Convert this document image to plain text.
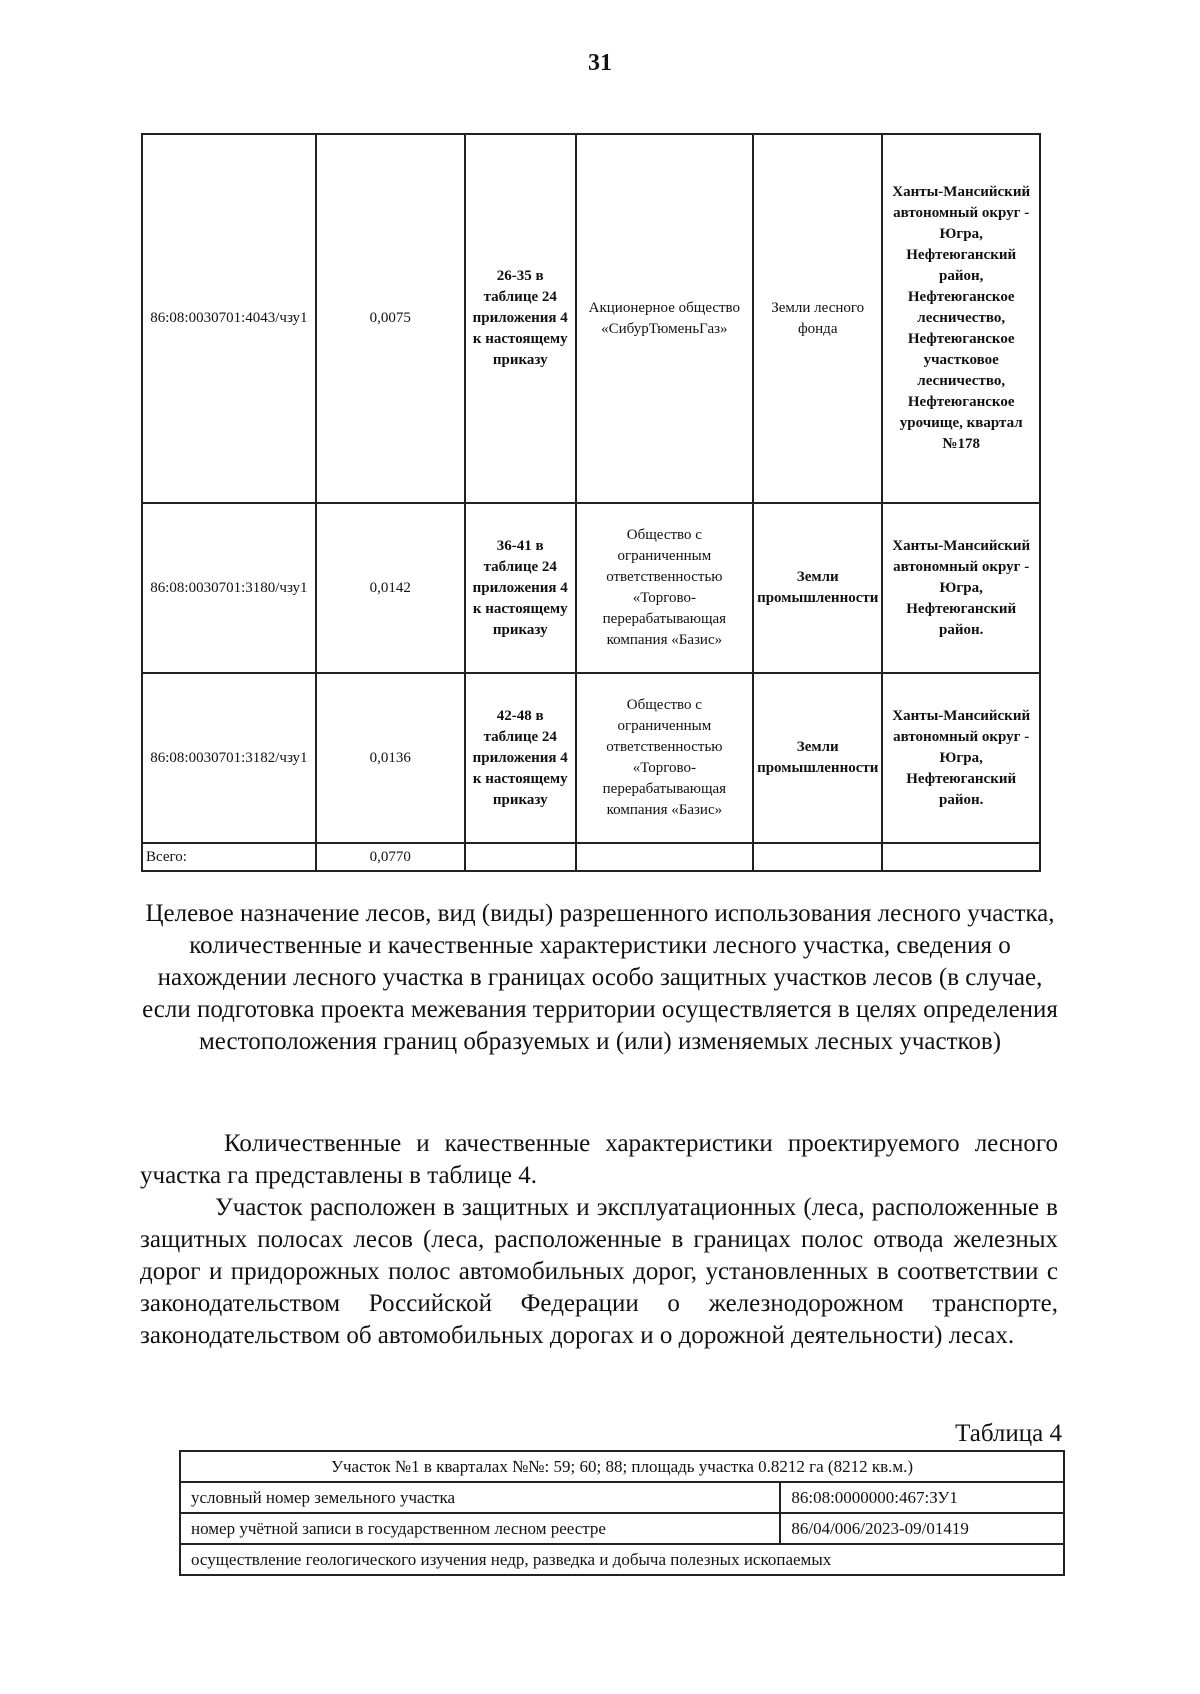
31
86:08:0030701:4043/чзу1	0,0075	26-35 в таблице 24 приложения 4 к настоящему приказу	Акционерное общество «СибурТюменьГаз»	Земли лесного фонда	Ханты-Мансийский автономный округ - Югра, Нефтеюганский район, Нефтеюганское лесничество, Нефтеюганское участковое лесничество, Нефтеюганское урочище, квартал №178
86:08:0030701:3180/чзу1	0,0142	36-41 в таблице 24 приложения 4 к настоящему приказу	Общество с ограниченным ответственностью «Торгово-перерабатывающая компания «Базис»	Земли промышленности	Ханты-Мансийский автономный округ - Югра, Нефтеюганский район.
86:08:0030701:3182/чзу1	0,0136	42-48 в таблице 24 приложения 4 к настоящему приказу	Общество с ограниченным ответственностью «Торгово-перерабатывающая компания «Базис»	Земли промышленности	Ханты-Мансийский автономный округ - Югра, Нефтеюганский район.
Всего:	0,0770				
Целевое назначение лесов, вид (виды) разрешенного использования лесного участка, количественные и качественные характеристики лесного участка, сведения о нахождении лесного участка в границах особо защитных участков лесов (в случае, если подготовка проекта межевания территории осуществляется в целях определения местоположения границ образуемых и (или) изменяемых лесных участков)
Количественные и качественные характеристики проектируемого лесного участка га представлены в таблице 4.
Участок расположен в защитных и эксплуатационных (леса, расположенные в защитных полосах лесов (леса, расположенные в границах полос отвода железных дорог и придорожных полос автомобильных дорог, установленных в соответствии с законодательством Российской Федерации о железнодорожном транспорте, законодательством об автомобильных дорогах и о дорожной деятельности) лесах.
Таблица 4
Участок №1 в кварталах №№: 59; 60; 88; площадь участка 0.8212 га (8212 кв.м.)	
условный номер земельного участка	86:08:0000000:467:ЗУ1
номер учётной записи в государственном лесном реестре	86/04/006/2023-09/01419
осуществление геологического изучения недр, разведка и добыча полезных ископаемых	
